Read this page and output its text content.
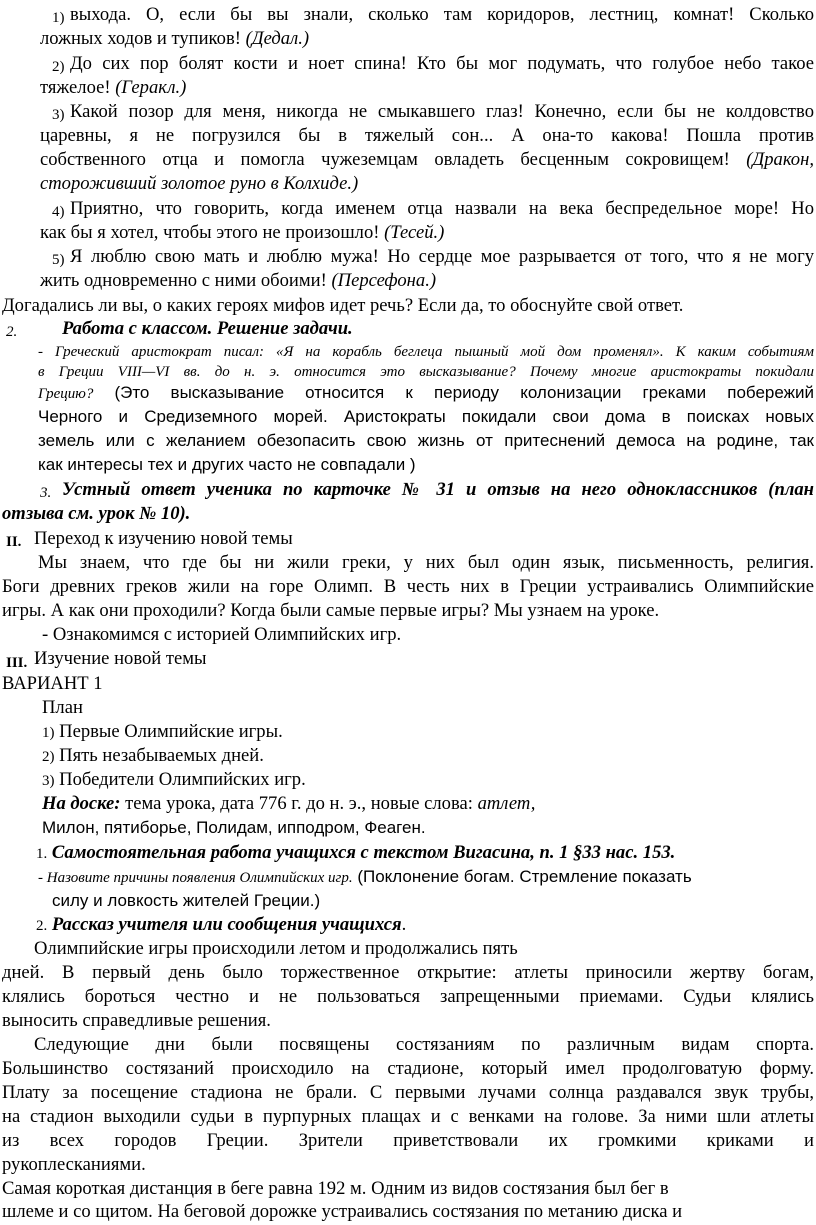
1) выхода. О, если бы вы знали, сколько там коридоров, лестниц, комнат! Сколько
ложных ходов и тупиков! (Дедал.)
2) До сих пор болят кости и ноет спина! Кто бы мог подумать, что голубое небо такое
тяжелое! (Геракл.)
3) Какой позор для меня, никогда не смыкавшего глаз! Конечно, если бы не колдовство
царевны, я не погрузился бы в тяжелый сон... А она-то какова! Пошла против
собственного отца и помогла чужеземцам овладеть бесценным сокровищем! (Дракон,
стороживший золотое руно в Колхиде.)
4) Приятно, что говорить, когда именем отца назвали на века беспредельное море! Но
как бы я хотел, чтобы этого не произошло! (Тесей.)
5) Я люблю свою мать и люблю мужа! Но сердце мое разрывается от того, что я не могу
жить одновременно с ними обоими! (Персефона.)
Догадались ли вы, о каких героях мифов идет речь? Если да, то обоснуйте свой ответ.
2. Работа с классом. Решение задачи.
- Греческий аристократ писал: «Я на корабль беглеца пышный мой дом променял». К каким событиям
в Греции VIII—VI вв. до н. э. относится это высказывание? Почему многие аристократы покидали
Грецию? (Это высказывание относится к периоду колонизации греками побережий
Черного и Средиземного морей. Аристократы покидали свои дома в поисках новых
земель или с желанием обезопасить свою жизнь от притеснений демоса на родине, так
как интересы тех и других часто не совпадали )
3. Устный ответ ученика по карточке № 31 и отзыв на него одноклассников (план
отзыва см. урок № 10).
II. Переход к изучению новой темы
Мы знаем, что где бы ни жили греки, у них был один язык, письменность, религия.
Боги древних греков жили на горе Олимп. В честь них в Греции устраивались Олимпийские
игры. А как они проходили? Когда были самые первые игры? Мы узнаем на уроке.
- Ознакомимся с историей Олимпийских игр.
III. Изучение новой темы
ВАРИАНТ 1
План
1) Первые Олимпийские игры.
2) Пять незабываемых дней.
3) Победители Олимпийских игр.
На доске: тема урока, дата 776 г. до н. э., новые слова: атлет,
Милон, пятиборье, Полидам, ипподром, Феаген.
1. Самостоятельная работа учащихся с текстом Вигасина, п. 1 §33 нас. 153.
- Назовите причины появления Олимпийских игр. (Поклонение богам. Стремление показать
силу и ловкость жителей Греции.)
2. Рассказ учителя или сообщения учащихся.
Олимпийские игры происходили летом и продолжались пять
дней. В первый день было торжественное открытие: атлеты приносили жертву богам,
клялись бороться честно и не пользоваться запрещенными приемами. Судьи клялись
выносить справедливые решения.
Следующие дни были посвящены состязаниям по различным видам спорта.
Большинство состязаний происходило на стадионе, который имел продолговатую форму.
Плату за посещение стадиона не брали. С первыми лучами солнца раздавался звук трубы,
на стадион выходили судьи в пурпурных плащах и с венками на голове. За ними шли атлеты
из всех городов Греции. Зрители приветствовали их громкими криками и
рукоплесканиями.
Самая короткая дистанция в беге равна 192 м. Одним из видов состязания был бег в
шлеме и со щитом. На беговой дорожке устраивались состязания по метанию диска и
